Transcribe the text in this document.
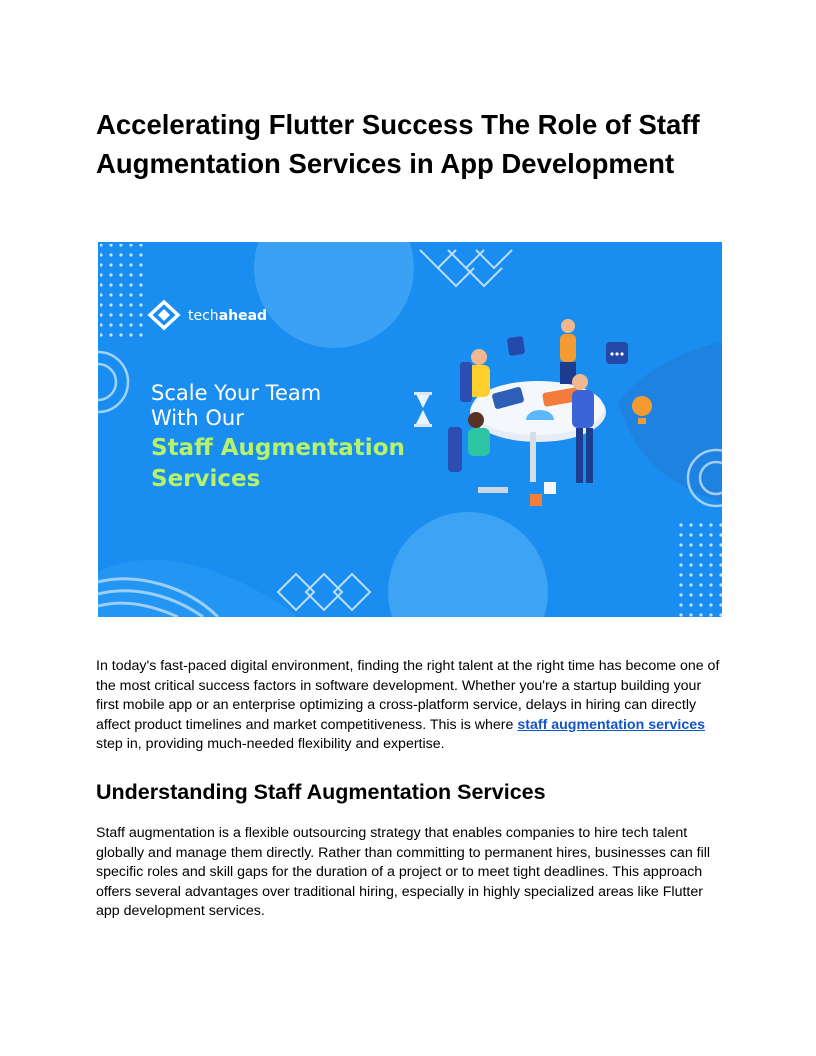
Accelerating Flutter Success The Role of Staff Augmentation Services in App Development
techahead
Scale Your Team
With Our
Staff Augmentation
Services

In today's fast-paced digital environment, finding the right talent at the right time has become one of the most critical success factors in software development. Whether you're a startup building your first mobile app or an enterprise optimizing a cross-platform service, delays in hiring can directly affect product timelines and market competitiveness. This is where staff augmentation services step in, providing much-needed flexibility and expertise.

Understanding Staff Augmentation Services

Staff augmentation is a flexible outsourcing strategy that enables companies to hire tech talent globally and manage them directly. Rather than committing to permanent hires, businesses can fill specific roles and skill gaps for the duration of a project or to meet tight deadlines. This approach offers several advantages over traditional hiring, especially in highly specialized areas like Flutter app development services.
